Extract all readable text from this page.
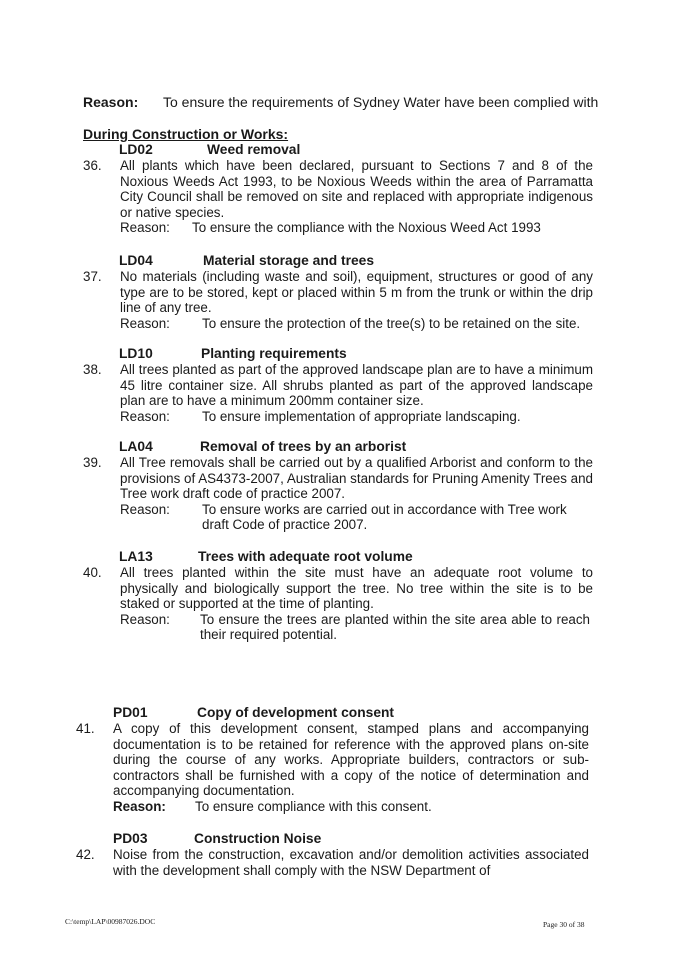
Reason: To ensure the requirements of Sydney Water have been complied with
During Construction or Works:
LD02	Weed removal
36. All plants which have been declared, pursuant to Sections 7 and 8 of the Noxious Weeds Act 1993, to be Noxious Weeds within the area of Parramatta City Council shall be removed on site and replaced with appropriate indigenous or native species.
Reason: To ensure the compliance with the Noxious Weed Act 1993
LD04	Material storage and trees
37. No materials (including waste and soil), equipment, structures or good of any type are to be stored, kept or placed within 5 m from the trunk or within the drip line of any tree.
Reason: To ensure the protection of the tree(s) to be retained on the site.
LD10	Planting requirements
38. All trees planted as part of the approved landscape plan are to have a minimum 45 litre container size. All shrubs planted as part of the approved landscape plan are to have a minimum 200mm container size.
Reason: To ensure implementation of appropriate landscaping.
LA04	Removal of trees by an arborist
39. All Tree removals shall be carried out by a qualified Arborist and conform to the provisions of AS4373-2007, Australian standards for Pruning Amenity Trees and Tree work draft code of practice 2007.
Reason: To ensure works are carried out in accordance with Tree work draft Code of practice 2007.
LA13	Trees with adequate root volume
40. All trees planted within the site must have an adequate root volume to physically and biologically support the tree. No tree within the site is to be staked or supported at the time of planting.
Reason: To ensure the trees are planted within the site area able to reach their required potential.
PD01	Copy of development consent
41. A copy of this development consent, stamped plans and accompanying documentation is to be retained for reference with the approved plans on-site during the course of any works. Appropriate builders, contractors or sub-contractors shall be furnished with a copy of the notice of determination and accompanying documentation.
Reason: To ensure compliance with this consent.
PD03	Construction Noise
42. Noise from the construction, excavation and/or demolition activities associated with the development shall comply with the NSW Department of
C:\temp\LAP\00987026.DOC	Page 30 of 38
